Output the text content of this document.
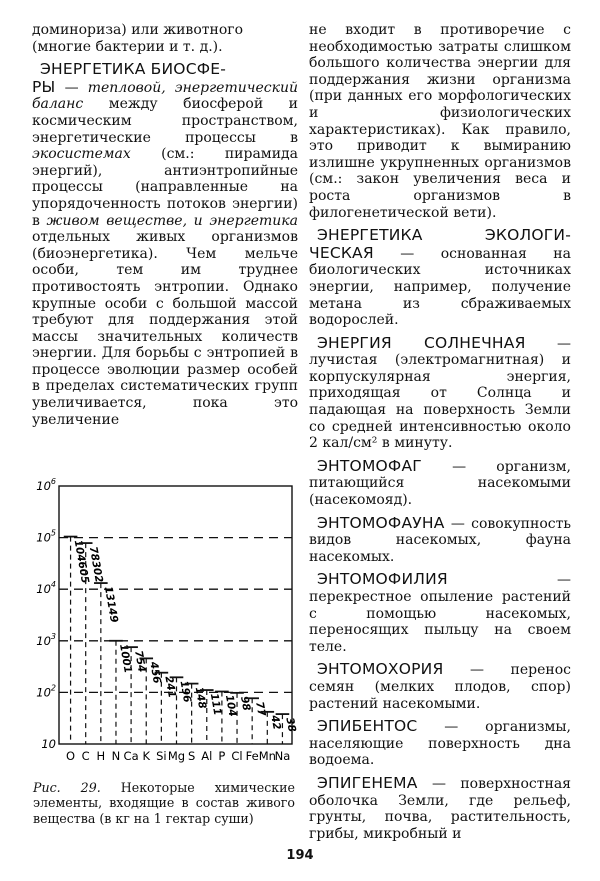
доминориза) или животного

(многие бактерии и т. д.).

ЭНЕРГЕТИКА БИОСФЕ-
РЫ — тепловой, энергетический баланс между биосферой и космическим пространством, энергетические процессы в экосистемах (см.: пирамида энергий), антиэнтропийные процессы (направленные на упорядоченность потоков энергии) в живом веществе, и энергетика отдельных живых организмов (биоэнергетика). Чем мельче особи, тем им труднее противостоять энтропии. Однако крупные особи с большой массой требуют для поддержания этой массы значительных количеств энергии. Для борьбы с энтропией в процессе эволюции размер особей в пределах систематических групп увеличивается, пока это увеличение

не входит в противоречие с необходимостью затраты слишком большого количества энергии для поддержания жизни организма (при данных его морфологических и физиологических характеристиках). Как правило, это приводит к вымиранию излишне укрупненных организмов (см.: закон увеличения веса и роста организмов в филогенетической вети).

ЭНЕРГЕТИКА ЭКОЛОГИ- ЧЕСКАЯ — основанная на биологических источниках энергии, например, получение метана из сбраживаемых водорослей.

ЭНЕРГИЯ СОЛНЕЧНАЯ — лучистая (электромагнитная) и корпускулярная энергия, приходящая от Солнца и падающая на поверхность Земли со средней интенсивностью около 2 кал/см² в минуту.

ЭНТОМОФАГ — организм, питающийся насекомыми (насекомояд).

ЭНТОМОФАУНА — совокупность видов насекомых, фауна насекомых.

ЭНТОМОФИЛИЯ — перекрестное опыление растений с помощью насекомых, переносящих пыльцу на своем теле.

ЭНТОМОХОРИЯ — перенос семян (мелких плодов, спор) растений насекомыми.

ЭПИБЕНТОС — организмы, населяющие поверхность дна водоема.

ЭПИГЕНЕМА — поверхностная оболочка Земли, где рельеф, грунты, почва, растительность, грибы, микробный и

10
$10^2$
$10^3$
$10^4$
$10^5$
$10^6$
104605
O
78302
C
13149
H
1001
N
754
Ca
456
K
241
Si
196
Mg
148
S
111
Al
104
P
98
Cl
77
Fe
42
Mn
38
Na
Рис. 29. Некоторые химические элементы, входящие в состав живого вещества (в кг на 1 гектар суши)
194
